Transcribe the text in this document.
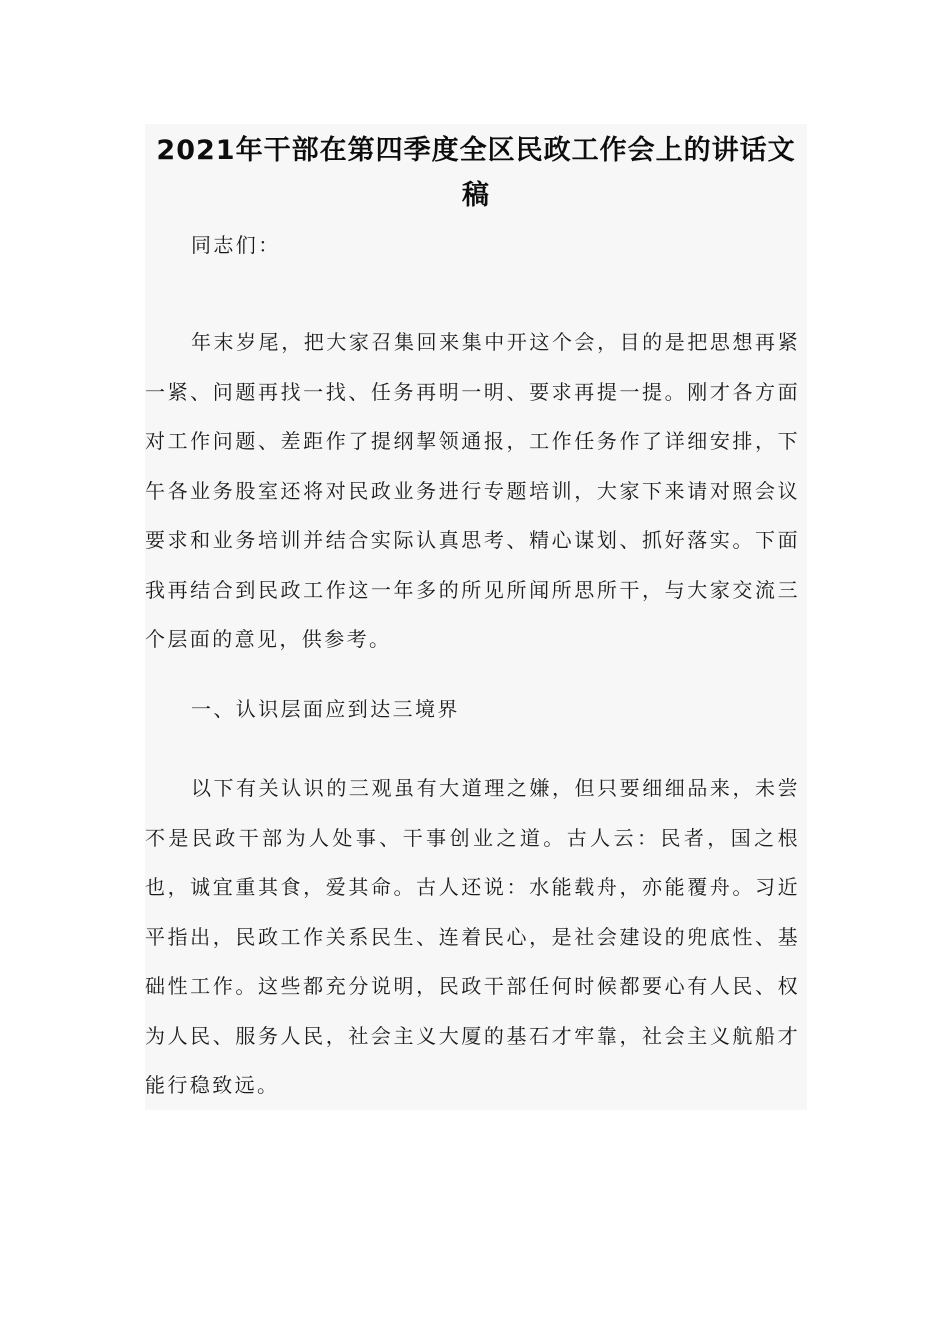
2021年干部在第四季度全区民政工作会上的讲话文稿

同志们：

年末岁尾，把大家召集回来集中开这个会，目的是把思想再紧一紧、问题再找一找、任务再明一明、要求再提一提。刚才各方面对工作问题、差距作了提纲挈领通报，工作任务作了详细安排，下午各业务股室还将对民政业务进行专题培训，大家下来请对照会议要求和业务培训并结合实际认真思考、精心谋划、抓好落实。下面我再结合到民政工作这一年多的所见所闻所思所干，与大家交流三个层面的意见，供参考。

一、认识层面应到达三境界

以下有关认识的三观虽有大道理之嫌，但只要细细品来，未尝不是民政干部为人处事、干事创业之道。古人云：民者，国之根也，诚宜重其食，爱其命。古人还说：水能载舟，亦能覆舟。习近平指出，民政工作关系民生、连着民心，是社会建设的兜底性、基础性工作。这些都充分说明，民政干部任何时候都要心有人民、权为人民、服务人民，社会主义大厦的基石才牢靠，社会主义航船才能行稳致远。
